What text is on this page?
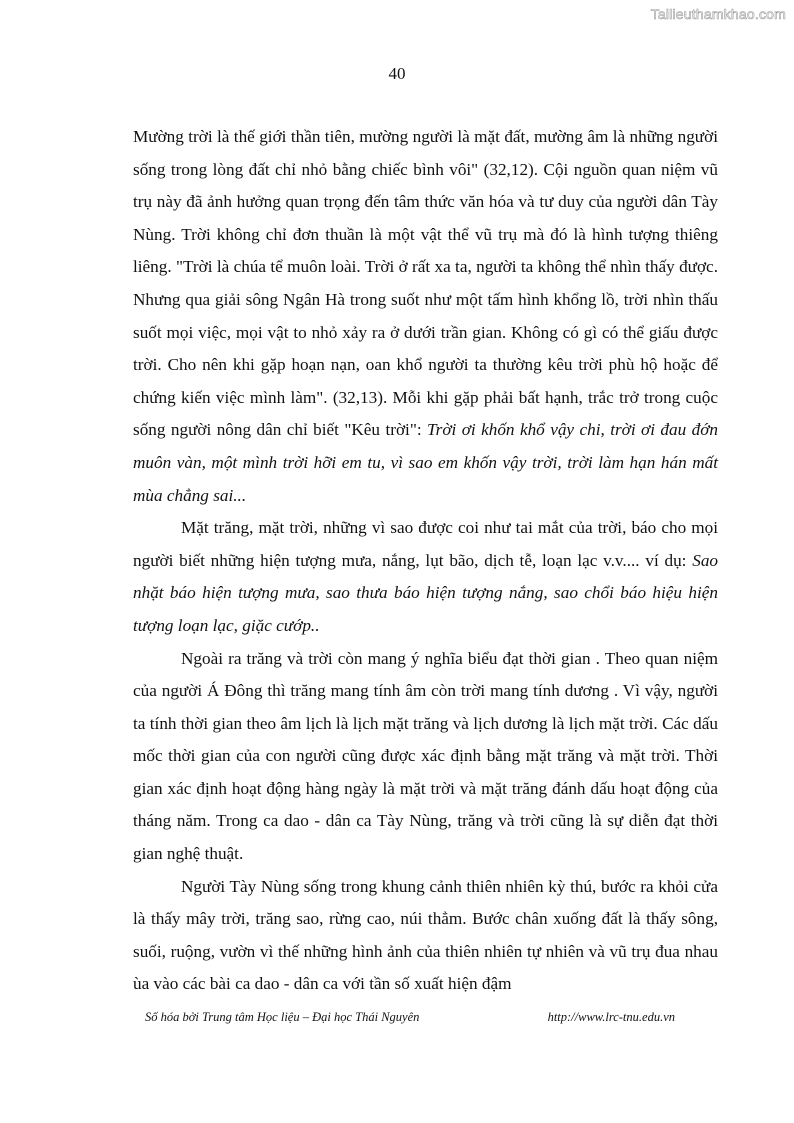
Tailieuthamkhao.com
40

Mường trời là thế giới thần tiên, mường người là mặt đất, mường âm là những người sống trong lòng đất chỉ nhỏ bằng chiếc bình vôi" (32,12). Cội nguồn quan niệm vũ trụ này đã ảnh hưởng quan trọng đến tâm thức văn hóa và tư duy của người dân Tày Nùng. Trời không chỉ đơn thuần là một vật thể vũ trụ mà đó là hình tượng thiêng liêng. "Trời là chúa tể muôn loài. Trời ở rất xa ta, người ta không thể nhìn thấy được. Nhưng qua giải sông Ngân Hà trong suốt như một tấm hình khổng lồ, trời nhìn thấu suốt mọi việc, mọi vật to nhỏ xảy ra ở dưới trần gian. Không có gì có thể giấu được trời. Cho nên khi gặp hoạn nạn, oan khổ người ta thường kêu trời phù hộ hoặc để chứng kiến việc mình làm". (32,13). Mỗi khi gặp phải bất hạnh, trắc trở trong cuộc sống người nông dân chỉ biết "Kêu trời": Trời ơi khốn khổ vậy chi, trời ơi đau đớn muôn vàn, một mình trời hỡi em tu, vì sao em khốn vậy trời, trời làm hạn hán mất mùa chẳng sai...

Mặt trăng, mặt trời, những vì sao được coi như tai mắt của trời, báo cho mọi người biết những hiện tượng mưa, nắng, lụt bão, dịch tễ, loạn lạc v.v.... ví dụ: Sao nhặt báo hiện tượng mưa, sao thưa báo hiện tượng nắng, sao chổi báo hiệu hiện tượng loạn lạc, giặc cướp..

Ngoài ra trăng và trời còn mang ý nghĩa biểu đạt thời gian . Theo quan niệm của người Á Đông thì trăng mang tính âm còn trời mang tính dương . Vì vậy, người ta tính thời gian theo âm lịch là lịch mặt trăng và lịch dương là lịch mặt trời. Các dấu mốc thời gian của con người cũng được xác định bằng mặt trăng và mặt trời. Thời gian xác định hoạt động hàng ngày là mặt trời và mặt trăng đánh dấu hoạt động của tháng năm. Trong ca dao - dân ca Tày Nùng, trăng và trời cũng là sự diễn đạt thời gian nghệ thuật.

Người Tày Nùng sống trong khung cảnh thiên nhiên kỳ thú, bước ra khỏi cửa là thấy mây trời, trăng sao, rừng cao, núi thẳm. Bước chân xuống đất là thấy sông, suối, ruộng, vườn vì thế những hình ảnh của thiên nhiên tự nhiên và vũ trụ đua nhau ùa vào các bài ca dao - dân ca với tần số xuất hiện đậm

Số hóa bởi Trung tâm Học liệu – Đại học Thái Nguyên	http://www.lrc-tnu.edu.vn
